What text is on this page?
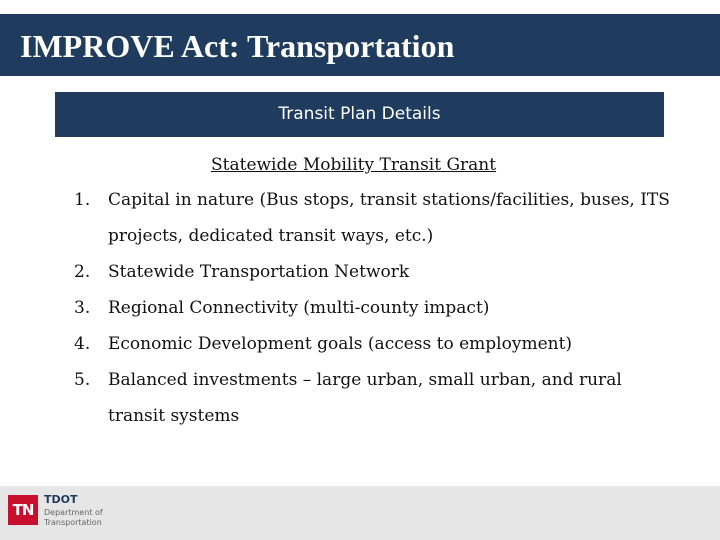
IMPROVE Act: Transportation
Transit Plan Details
Statewide Mobility Transit Grant
1.	Capital in nature (Bus stops, transit stations/facilities, buses, ITS projects, dedicated transit ways, etc.)
2.	Statewide Transportation Network
3.	Regional Connectivity (multi-county impact)
4.	Economic Development goals (access to employment)
5.	Balanced investments – large urban, small urban, and rural transit systems
TN
TDOT
Department of Transportation
